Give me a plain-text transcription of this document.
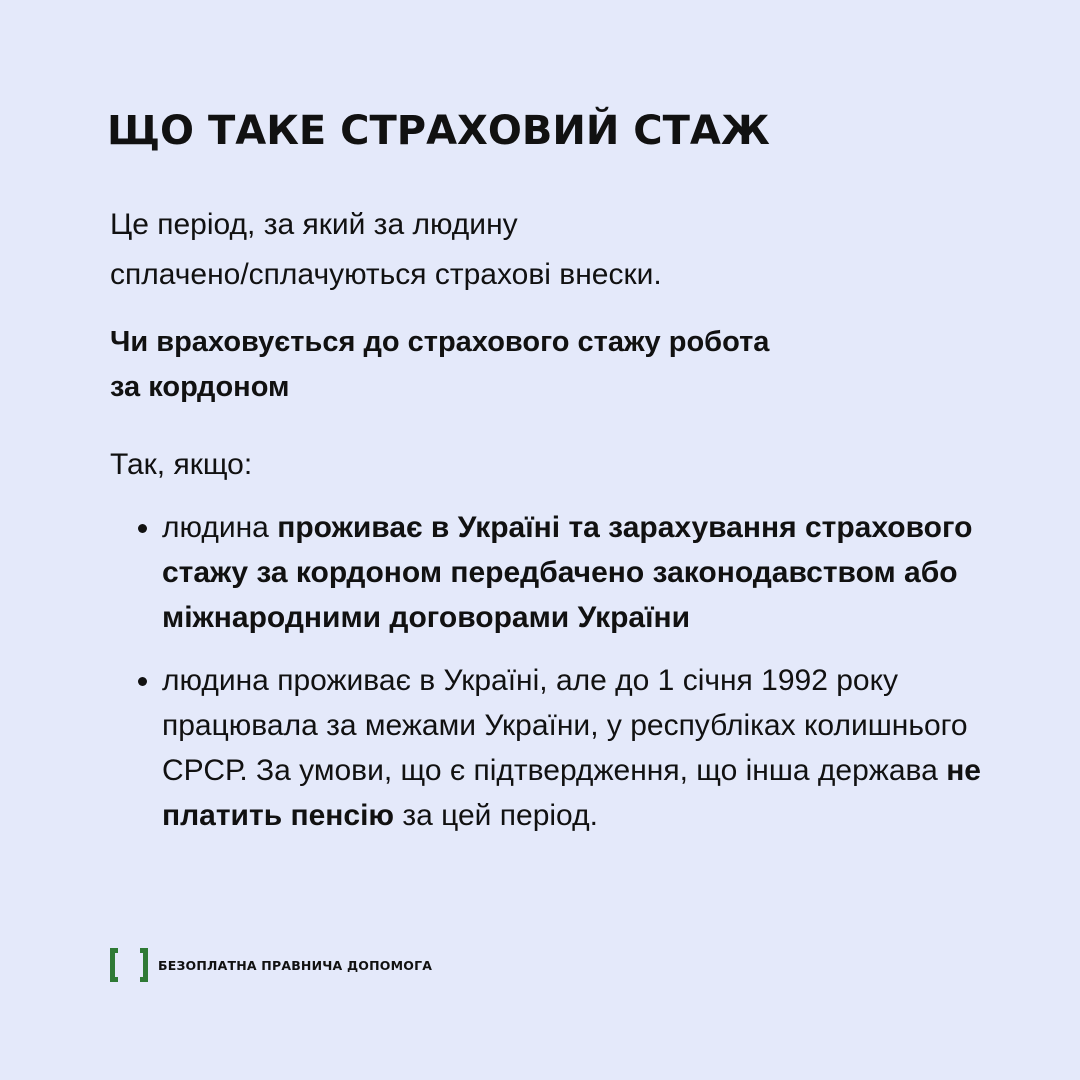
ЩО ТАКЕ СТРАХОВИЙ СТАЖ

Це період, за який за людину
сплачено/сплачуються страхові внески.

Чи враховується до страхового стажу робота
за кордоном

Так, якщо:

людина проживає в Україні та зарахування страхового стажу за кордоном передбачено законодавством або міжнародними договорами України
людина проживає в Україні, але до 1 січня 1992 року працювала за межами України, у республіках колишнього СРСР. За умови, що є підтвердження, що інша держава не платить пенсію за цей період.
БЕЗОПЛАТНА ПРАВНИЧА ДОПОМОГА
